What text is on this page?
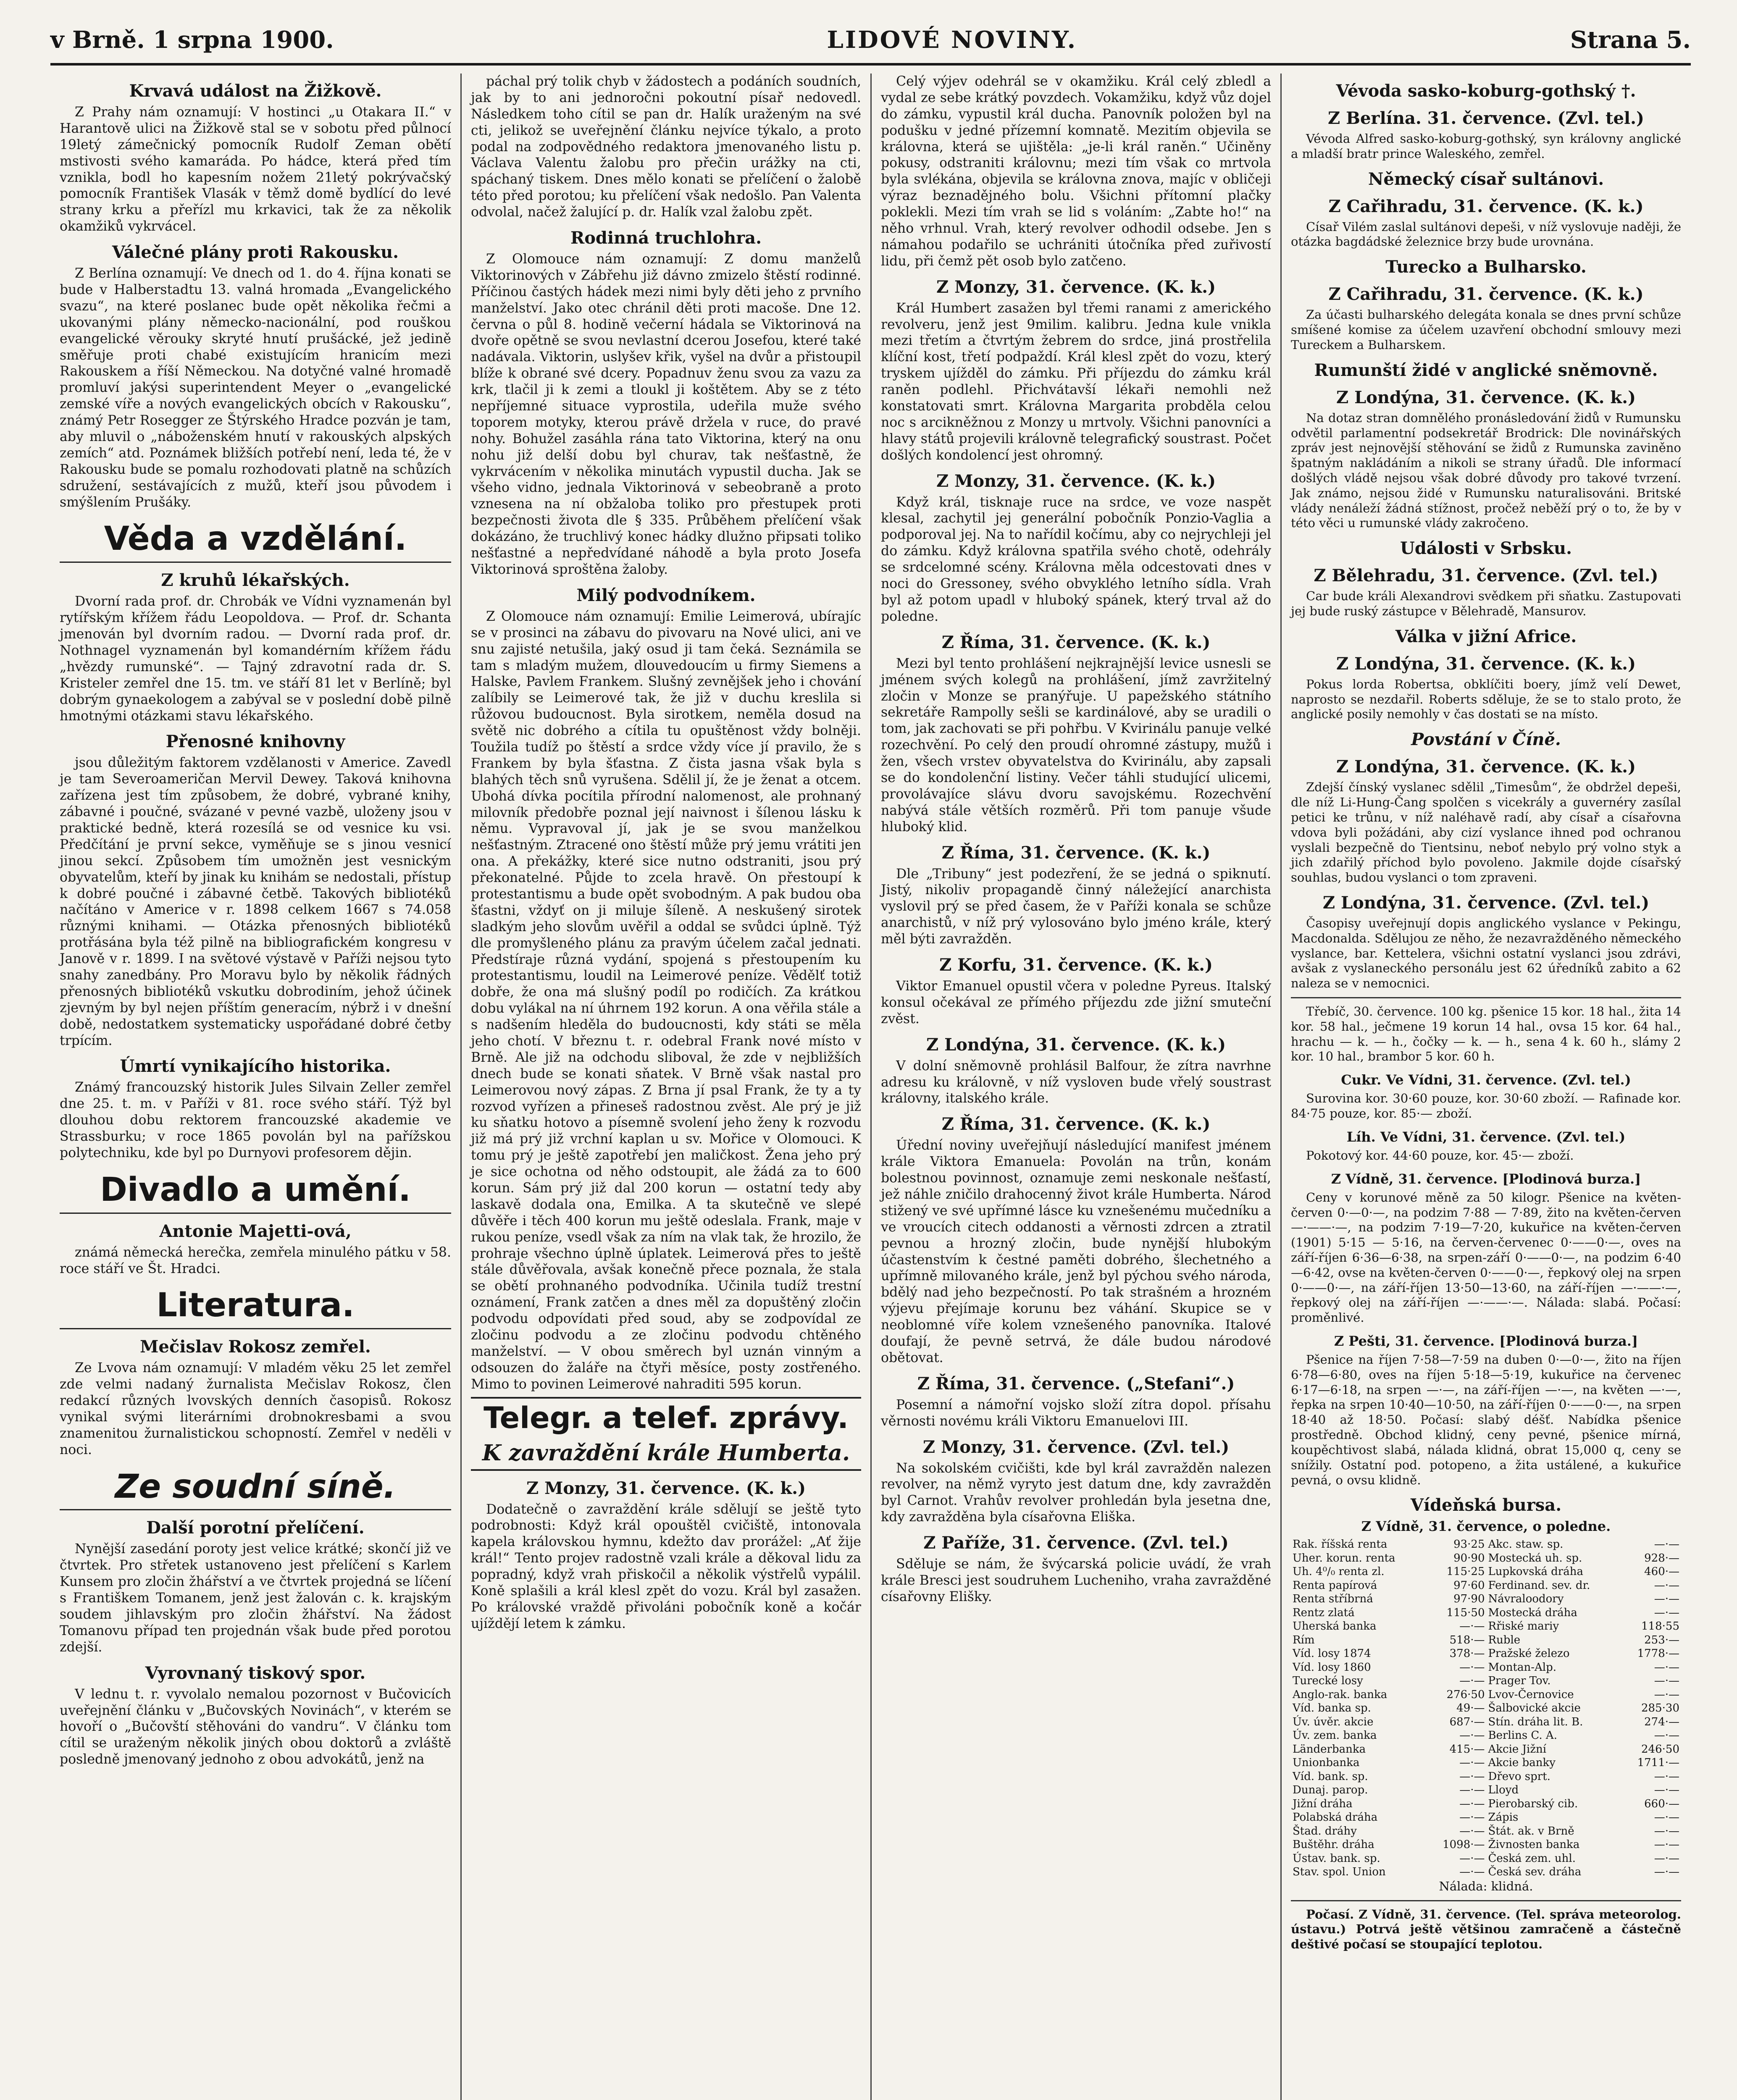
v Brně. 1 srpna 1900.	LIDOVÉ NOVINY.	Strana 5.
Krvavá událost na Žižkově.

Z Prahy nám oznamují: V hostinci „u Otakara II.“ v Harantově ulici na Žižkově stal se v sobotu před půlnocí 19letý zámečnický pomocník Rudolf Zeman obětí mstivosti svého kamaráda. Po hádce, která před tím vznikla, bodl ho kapesním nožem 21letý pokrývačský pomocník František Vlasák v těmž domě bydlící do levé strany krku a přeřízl mu krkavici, tak že za několik okamžiků vykrvácel.

Válečné plány proti Rakousku.

Z Berlína oznamují: Ve dnech od 1. do 4. října konati se bude v Halberstadtu 13. valná hromada „Evangelického svazu“, na které poslanec bude opět několika řečmi a ukovanými plány německo-nacionální, pod rouškou evangelické věrouky skryté hnutí prušácké, jež jedině směřuje proti chabé existujícím hranicím mezi Rakouskem a říší Německou. Na dotyčné valné hromadě promluví jakýsi superintendent Meyer o „evangelické zemské víře a nových evangelických obcích v Rakousku“, známý Petr Rosegger ze Štýrského Hradce pozván je tam, aby mluvil o „náboženském hnutí v rakouských alpských zemích“ atd. Poznámek bližších potřebí není, leda té, že v Rakousku bude se pomalu rozhodovati platně na schůzích sdružení, sestávajících z mužů, kteří jsou původem i smýšlením Prušáky.

Věda a vzdělání.
Z kruhů lékařských.

Dvorní rada prof. dr. Chrobák ve Vídni vyznamenán byl rytířským křížem řádu Leopoldova. — Prof. dr. Schanta jmenován byl dvorním radou. — Dvorní rada prof. dr. Nothnagel vyznamenán byl komandérním křížem řádu „hvězdy rumunské“. — Tajný zdravotní rada dr. S. Kristeler zemřel dne 15. tm. ve stáří 81 let v Berlíně; byl dobrým gynaekologem a zabýval se v poslední době pilně hmotnými otázkami stavu lékařského.

Přenosné knihovny

jsou důležitým faktorem vzdělanosti v Americe. Zavedl je tam Severoameričan Mervil Dewey. Taková knihovna zařízena jest tím způsobem, že dobré, vybrané knihy, zábavné i poučné, svázané v pevné vazbě, uloženy jsou v praktické bedně, která rozesílá se od vesnice ku vsi. Předčítání je první sekce, vyměňuje se s jinou vesnicí jinou sekcí. Způsobem tím umožněn jest vesnickým obyvatelům, kteří by jinak ku knihám se nedostali, přístup k dobré poučné i zábavné četbě. Takových bibliotéků načítáno v Americe v r. 1898 celkem 1667 s 74.058 různými knihami. — Otázka přenosných bibliotéků protřásána byla též pilně na bibliografickém kongresu v Janově v r. 1899. I na světové výstavě v Paříži nejsou tyto snahy zanedbány. Pro Moravu bylo by několik řádných přenosných bibliotéků vskutku dobrodiním, jehož účinek zjevným by byl nejen příštím generacím, nýbrž i v dnešní době, nedostatkem systematicky uspořádané dobré četby trpícím.

Úmrtí vynikajícího historika.

Známý francouzský historik Jules Silvain Zeller zemřel dne 25. t. m. v Paříži v 81. roce svého stáří. Týž byl dlouhou dobu rektorem francouzské akademie ve Strassburku; v roce 1865 povolán byl na pařížskou polytechniku, kde byl po Durnyovi profesorem dějin.

Divadlo a umění.
Antonie Majetti-ová,

známá německá herečka, zemřela minulého pátku v 58. roce stáří ve Št. Hradci.

Literatura.
Mečislav Rokosz zemřel.

Ze Lvova nám oznamují: V mladém věku 25 let zemřel zde velmi nadaný žurnalista Mečislav Rokosz, člen redakcí různých lvovských denních časopisů. Rokosz vynikal svými literárními drobnokresbami a svou znamenitou žurnalistickou schopností. Zemřel v neděli v noci.

Ze soudní síně.
Další porotní přelíčení.

Nynější zasedání poroty jest velice krátké; skončí již ve čtvrtek. Pro střetek ustanoveno jest přelíčení s Karlem Kunsem pro zločin žhářství a ve čtvrtek projedná se líčení s Františkem Tomanem, jenž jest žalován c. k. krajským soudem jihlavským pro zločin žhářství. Na žádost Tomanovu případ ten projednán však bude před porotou zdejší.

Vyrovnaný tiskový spor.

V lednu t. r. vyvolalo nemalou pozornost v Bučovicích uveřejnění článku v „Bučovských Novinách“, v kterém se hovoří o „Bučovští stěhováni do vandru“. V článku tom cítil se uraženým několik jiných obou doktorů a zvláště posledně jmenovaný jednoho z obou advokátů, jenž na

páchal prý tolik chyb v žádostech a podáních soudních, jak by to ani jednoročni pokoutní písař nedovedl. Následkem toho cítil se pan dr. Halík uraženým na své cti, jelikož se uveřejnění článku nejvíce týkalo, a proto podal na zodpovědného redaktora jmenovaného listu p. Václava Valentu žalobu pro přečin urážky na cti, spáchaný tiskem. Dnes mělo konati se přelíčení o žalobě této před porotou; ku přelíčení však nedošlo. Pan Valenta odvolal, načež žalující p. dr. Halík vzal žalobu zpět.

Rodinná truchlohra.

Z Olomouce nám oznamují: Z domu manželů Viktorinových v Zábřehu již dávno zmizelo štěstí rodinné. Příčinou častých hádek mezi nimi byly děti jeho z prvního manželství. Jako otec chránil děti proti macoše. Dne 12. června o půl 8. hodině večerní hádala se Viktorinová na dvoře opětně se svou nevlastní dcerou Josefou, které také nadávala. Viktorin, uslyšev křik, vyšel na dvůr a přistoupil blíže k obrané své dcery. Popadnuv ženu svou za vazu za krk, tlačil ji k zemi a tloukl ji koštětem. Aby se z této nepříjemné situace vyprostila, udeřila muže svého toporem motyky, kterou právě držela v ruce, do pravé nohy. Bohužel zasáhla rána tato Viktorina, který na onu nohu již delší dobu byl churav, tak nešťastně, že vykrvácením v několika minutách vypustil ducha. Jak se všeho vidno, jednala Viktorinová v sebeobraně a proto vznesena na ní obžaloba toliko pro přestupek proti bezpečnosti života dle § 335. Průběhem přelíčení však dokázáno, že truchlivý konec hádky dlužno připsati toliko nešťastné a nepředvídané náhodě a byla proto Josefa Viktorinová sproštěna žaloby.

Milý podvodníkem.

Z Olomouce nám oznamují: Emilie Leimerová, ubírajíc se v prosinci na zábavu do pivovaru na Nové ulici, ani ve snu zajisté netušila, jaký osud ji tam čeká. Seznámila se tam s mladým mužem, dlouvedoucím u firmy Siemens a Halske, Pavlem Frankem. Slušný zevnějšek jeho i chování zalíbily se Leimerové tak, že již v duchu kreslila si růžovou budoucnost. Byla sirotkem, neměla dosud na světě nic dobrého a cítila tu opuštěnost vždy bolněji. Toužila tudíž po štěstí a srdce vždy více jí pravilo, že s Frankem by byla šťastna. Z čista jasna však byla s blahých těch snů vyrušena. Sdělil jí, že je ženat a otcem. Ubohá dívka pocítila přírodní nalomenost, ale prohnaný milovník předobře poznal její naivnost i šílenou lásku k němu. Vypravoval jí, jak je se svou manželkou nešťastným. Ztracené ono štěstí může prý jemu vrátiti jen ona. A překážky, které sice nutno odstraniti, jsou prý překonatelné. Půjde to zcela hravě. On přestoupí k protestantismu a bude opět svobodným. A pak budou oba šťastni, vždyť on ji miluje šíleně. A neskušený sirotek sladkým jeho slovům uvěřil a oddal se svůdci úplně. Týž dle promyšleného plánu za pravým účelem začal jednati. Předstíraje různá vydání, spojená s přestoupením ku protestantismu, loudil na Leimerové peníze. Vědělť totiž dobře, že ona má slušný podíl po rodičích. Za krátkou dobu vylákal na ní úhrnem 192 korun. A ona věřila stále a s nadšením hleděla do budoucnosti, kdy státi se měla jeho chotí. V březnu t. r. odebral Frank nové místo v Brně. Ale již na odchodu sliboval, že zde v nejbližších dnech bude se konati sňatek. V Brně však nastal pro Leimerovou nový zápas. Z Brna jí psal Frank, že ty a ty rozvod vyřízen a přineseš radostnou zvěst. Ale prý je již ku sňatku hotovo a písemně svolení jeho ženy k rozvodu již má prý již vrchní kaplan u sv. Mořice v Olomouci. K tomu prý je ještě zapotřebí jen maličkost. Žena jeho prý je sice ochotna od něho odstoupit, ale žádá za to 600 korun. Sám prý již dal 200 korun — ostatní tedy aby laskavě dodala ona, Emilka. A ta skutečně ve slepé důvěře i těch 400 korun mu ještě odeslala. Frank, maje v rukou peníze, vsedl však za ním na vlak tak, že hrozilo, že prohraje všechno úplně úplatek. Leimerová přes to ještě stále důvěřovala, avšak konečně přece poznala, že stala se obětí prohnaného podvodníka. Učinila tudíž trestní oznámení, Frank zatčen a dnes měl za dopuštěný zločin podvodu odpovídati před soud, aby se zodpovídal ze zločinu podvodu a ze zločinu podvodu chtěného manželství. — V obou směrech byl uznán vinným a odsouzen do žaláře na čtyři měsíce, posty zostřeného. Mimo to povinen Leimerové nahraditi 595 korun.

Telegr. a telef. zprávy.
K zavraždění krále Humberta.
Z Monzy, 31. července. (K. k.)

Dodatečně o zavraždění krále sdělují se ještě tyto podrobnosti: Když král opouštěl cvičiště, intonovala kapela královskou hymnu, kdežto dav prorážel: „Ať žije král!“ Tento projev radostně vzali krále a děkoval lidu za popradný, když vrah přiskočil a několik výstřelů vypálil. Koně splašili a král klesl zpět do vozu. Král byl zasažen. Po královské vraždě přivoláni pobočník koně a kočár ujíždějí letem k zámku.

Celý výjev odehrál se v okamžiku. Král celý zbledl a vydal ze sebe krátký povzdech. Vokamžiku, když vůz dojel do zámku, vypustil král ducha. Panovník položen byl na podušku v jedné přízemní komnatě. Mezitím objevila se královna, která se ujištěla: „je-li král raněn.“ Učiněny pokusy, odstraniti královnu; mezi tím však co mrtvola byla svlékána, objevila se královna znova, majíc v obličeji výraz beznadějného bolu. Všichni přítomní plačky poklekli. Mezi tím vrah se lid s voláním: „Zabte ho!“ na něho vrhnul. Vrah, který revolver odhodil odsebe. Jen s námahou podařilo se uchrániti útočníka před zuřivostí lidu, při čemž pět osob bylo zatčeno.

Z Monzy, 31. července. (K. k.)

Král Humbert zasažen byl třemi ranami z amerického revolveru, jenž jest 9milim. kalibru. Jedna kule vnikla mezi třetím a čtvrtým žebrem do srdce, jiná prostřelila klíční kost, třetí podpaždí. Král klesl zpět do vozu, který tryskem ujížděl do zámku. Při příjezdu do zámku král raněn podlehl. Přichvátavší lékaři nemohli než konstatovati smrt. Královna Margarita probděla celou noc s arcikněžnou z Monzy u mrtvoly. Všichni panovníci a hlavy států projevili královně telegrafický soustrast. Počet došlých kondolencí jest ohromný.

Z Monzy, 31. července. (K. k.)

Když král, tisknaje ruce na srdce, ve voze naspět klesal, zachytil jej generální pobočník Ponzio-Vaglia a podporoval jej. Na to nařídil kočímu, aby co nejrychleji jel do zámku. Když královna spatřila svého chotě, odehrály se srdcelomné scény. Královna měla odcestovati dnes v noci do Gressoney, svého obvyklého letního sídla. Vrah byl až potom upadl v hluboký spánek, který trval až do poledne.

Z Říma, 31. července. (K. k.)

Mezi byl tento prohlášení nejkrajnější levice usnesli se jménem svých kolegů na prohlášení, jímž zavržitelný zločin v Monze se pranýřuje. U papežského státního sekretáře Rampolly sešli se kardinálové, aby se uradili o tom, jak zachovati se při pohřbu. V Kvirinálu panuje velké rozechvění. Po celý den proudí ohromné zástupy, mužů i žen, všech vrstev obyvatelstva do Kvirinálu, aby zapsali se do kondolenční listiny. Večer táhli studující ulicemi, provolávajíce slávu dvoru savojskému. Rozechvění nabývá stále větších rozměrů. Při tom panuje všude hluboký klid.

Z Říma, 31. července. (K. k.)

Dle „Tribuny“ jest podezření, že se jedná o spiknutí. Jistý, nikoliv propagandě činný náležející anarchista vyslovil prý se před časem, že v Paříži konala se schůze anarchistů, v níž prý vylosováno bylo jméno krále, který měl býti zavražděn.

Z Korfu, 31. července. (K. k.)

Viktor Emanuel opustil včera v poledne Pyreus. Italský konsul očekával ze přímého příjezdu zde jižní smuteční zvěst.

Z Londýna, 31. července. (K. k.)

V dolní sněmovně prohlásil Balfour, že zítra navrhne adresu ku královně, v níž vysloven bude vřelý soustrast královny, italského krále.

Z Říma, 31. července. (K. k.)

Úřední noviny uveřejňují následující manifest jménem krále Viktora Emanuela: Povolán na trůn, konám bolestnou povinnost, oznamuje zemi neskonale nešťastí, jež náhle zničilo drahocenný život krále Humberta. Národ stižený ve své upřímné lásce ku vznešenému mučedníku a ve vroucích citech oddanosti a věrnosti zdrcen a ztratil pevnou a hrozný zločin, bude nynější hlubokým účastenstvím k čestné paměti dobrého, šlechetného a upřímně milovaného krále, jenž byl pýchou svého národa, bdělý nad jeho bezpečností. Po tak strašném a hrozném výjevu přejímaje korunu bez váhání. Skupice se v neoblomné víře kolem vznešeného panovníka. Italové doufají, že pevně setrvá, že dále budou národové obětovat.

Z Říma, 31. července. („Stefani“.)

Posemní a námořní vojsko složí zítra dopol. přísahu věrnosti novému králi Viktoru Emanuelovi III.

Z Monzy, 31. července. (Zvl. tel.)

Na sokolském cvičišti, kde byl král zavražděn nalezen revolver, na němž vyryto jest datum dne, kdy zavražděn byl Carnot. Vrahův revolver prohledán byla jesetna dne, kdy zavražděna byla císařovna Eliška.

Z Paříže, 31. července. (Zvl. tel.)

Sděluje se nám, že švýcarská policie uvádí, že vrah krále Bresci jest soudruhem Lucheniho, vraha zavražděné císařovny Elišky.

Vévoda sasko-koburg-gothský †.
Z Berlína. 31. července. (Zvl. tel.)

Vévoda Alfred sasko-koburg-gothský, syn královny anglické a mladší bratr prince Waleského, zemřel.

Německý císař sultánovi.
Z Cařihradu, 31. července. (K. k.)

Císař Vilém zaslal sultánovi depeši, v níž vyslovuje naději, že otázka bagdádské železnice brzy bude urovnána.

Turecko a Bulharsko.
Z Cařihradu, 31. července. (K. k.)

Za účasti bulharského delegáta konala se dnes první schůze smíšené komise za účelem uzavření obchodní smlouvy mezi Tureckem a Bulharskem.

Rumunští židé v anglické sněmovně.
Z Londýna, 31. července. (K. k.)

Na dotaz stran domnělého pronásledování židů v Rumunsku odvětil parlamentní podsekretář Brodrick: Dle novinářských zpráv jest nejnovější stěhování se židů z Rumunska zaviněno špatným nakládáním a nikoli se strany úřadů. Dle informací došlých vládě nejsou však dobré důvody pro takové tvrzení. Jak známo, nejsou židé v Rumunsku naturalisováni. Britské vlády nenáleží žádná stížnost, pročež neběží prý o to, že by v této věci u rumunské vlády zakročeno.

Události v Srbsku.
Z Bělehradu, 31. července. (Zvl. tel.)

Car bude králi Alexandrovi svědkem při sňatku. Zastupovati jej bude ruský zástupce v Bělehradě, Mansurov.

Válka v jižní Africe.
Z Londýna, 31. července. (K. k.)

Pokus lorda Robertsa, obklíčiti boery, jímž velí Dewet, naprosto se nezdařil. Roberts sděluje, že se to stalo proto, že anglické posily nemohly v čas dostati se na místo.

Povstání v Číně.
Z Londýna, 31. července. (K. k.)

Zdejší čínský vyslanec sdělil „Timesům“, že obdržel depeši, dle níž Li-Hung-Čang spolčen s vicekrály a guvernéry zasílal petici ke trůnu, v níž naléhavě radí, aby císař a císařovna vdova byli požádáni, aby cizí vyslance ihned pod ochranou vyslali bezpečně do Tientsinu, neboť nebylo prý volno styk a jich zdařilý příchod bylo povoleno. Jakmile dojde císařský souhlas, budou vyslanci o tom zpraveni.

Z Londýna, 31. července. (Zvl. tel.)

Časopisy uveřejnují dopis anglického vyslance v Pekingu, Macdonalda. Sdělujou ze něho, že nezavražděného německého vyslance, bar. Kettelera, všichni ostatní vyslanci jsou zdrávi, avšak z vyslaneckého personálu jest 62 úředníků zabito a 62 naleza se v nemocnici.

Třebíč, 30. července. 100 kg. pšenice 15 kor. 18 hal., žita 14 kor. 58 hal., ječmene 19 korun 14 hal., ovsa 15 kor. 64 hal., hrachu — k. — h., čočky — k. — h., sena 4 k. 60 h., slámy 2 kor. 10 hal., brambor 5 kor. 60 h.

Cukr. Ve Vídni, 31. července. (Zvl. tel.)

Surovina kor. 30·60 pouze, kor. 30·60 zboží. — Rafinade kor. 84·75 pouze, kor. 85·— zboží.

Líh. Ve Vídni, 31. července. (Zvl. tel.)

Pokotový kor. 44·60 pouze, kor. 45·— zboží.

Z Vídně, 31. července. [Plodinová burza.]

Ceny v korunové měně za 50 kilogr. Pšenice na květen-červen 0·—0·—, na podzim 7·88 — 7·89, žito na květen-červen —·——·—, na podzim 7·19—7·20, kukuřice na květen-červen (1901) 5·15 — 5·16, na červen-červenec 0·——0·—, oves na září-říjen 6·36—6·38, na srpen-září 0·——0·—, na podzim 6·40—6·42, ovse na květen-červen 0·——0·—, řepkový olej na srpen 0·——0·—, na září-říjen 13·50—13·60, na září-říjen —·——·—, řepkový olej na září-říjen —·——·—. Nálada: slabá. Počasí: proměnlivé.

Z Pešti, 31. července. [Plodinová burza.]

Pšenice na říjen 7·58—7·59 na duben 0·—0·—, žito na říjen 6·78—6·80, oves na říjen 5·18—5·19, kukuřice na červenec 6·17—6·18, na srpen —·—, na září-říjen —·—, na květen —·—, řepka na srpen 10·40—10·50, na září-říjen 0·——0·—, na srpen 18·40 až 18·50. Počasí: slabý déšť. Nabídka pšenice prostředně. Obchod klidný, ceny pevné, pšenice mírná, koupěchtivost slabá, nálada klidná, obrat 15,000 q, ceny se snížily. Ostatní pod. potopeno, a žita ustálené, a kukuřice pevná, o ovsu klidně.

Vídeňská bursa.
Z Vídně, 31. července, o poledne.
Rak. říšská renta	93·25	Akc. staw. sp.	—·—
Uher. korun. renta	90·90	Mostecká uh. sp.	928·—
Uh. 4⁰/₀ renta zl.	115·25	Lupkovská dráha	460·—
Renta papírová	97·60	Ferdinand. sev. dr.	—·—
Renta stříbrná	97·90	Návraloodory	—·—
Rentz zlatá	115·50	Mostecká dráha	—·—
Uherská banka	—·—	Rřiské mariy	118·55
Rím	518·—	Ruble	253·—
Víd. losy 1874	378·—	Pražské železo	1778·—
Víd. losy 1860	—·—	Montan-Alp.	—·—
Turecké losy	—·—	Prager Tov.	—·—
Anglo-rak. banka	276·50	Lvov-Černovice	—·—
Víd. banka sp.	49·—	Šalbovické akcie	285·30
Úv. úvěr. akcie	687·—	Stín. dráha lit. B.	274·—
Úv. zem. banka	—·—	Berlins C. A.	—·—
Länderbanka	415·—	Akcie Jižní	246·50
Unionbanka	—·—	Akcie banky	1711·—
Víd. bank. sp.	—·—	Dřevo sprt.	—·—
Dunaj. parop.	—·—	Lloyd	—·—
Jižní dráha	—·—	Pierobarský cib.	660·—
Polabská dráha	—·—	Zápis	—·—
Štad. dráhy	—·—	Štát. ak. v Brně	—·—
Buštěhr. dráha	1098·—	Živnosten banka	—·—
Ústav. bank. sp.	—·—	Česká zem. uhl.	—·—
Stav. spol. Union	—·—	Česká sev. dráha	—·—

Nálada: klidná.

Počasí. Z Vídně, 31. července. (Tel. správa meteorolog. ústavu.) Potrvá ještě většinou zamračeně a částečně deštivé počasí se stoupající teplotou.
